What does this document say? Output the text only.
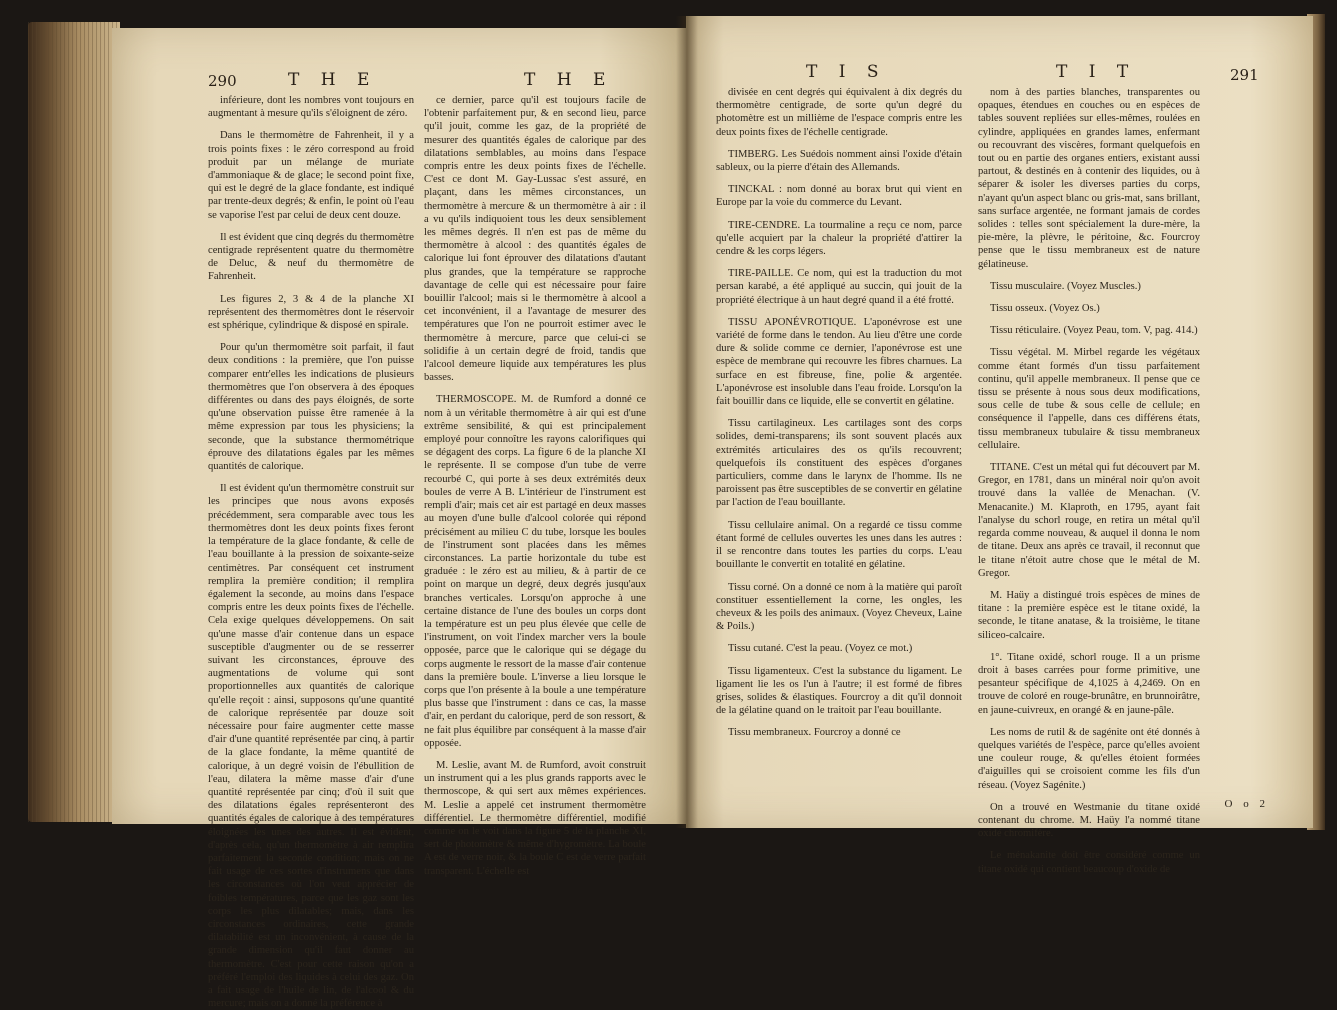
290	T H E	T H E

inférieure, dont les nombres vont toujours en augmentant à mesure qu'ils s'éloignent de zéro.

Dans le thermomètre de Fahrenheit, il y a trois points fixes : le zéro correspond au froid produit par un mélange de muriate d'ammoniaque & de glace; le second point fixe, qui est le degré de la glace fondante, est indiqué par trente-deux degrés; & enfin, le point où l'eau se vaporise l'est par celui de deux cent douze.

Il est évident que cinq degrés du thermomètre centigrade représentent quatre du thermomètre de Deluc, & neuf du thermomètre de Fahrenheit.

Les figures 2, 3 & 4 de la planche XI représentent des thermomètres dont le réservoir est sphérique, cylindrique & disposé en spirale.

Pour qu'un thermomètre soit parfait, il faut deux conditions : la première, que l'on puisse comparer entr'elles les indications de plusieurs thermomètres que l'on observera à des époques différentes ou dans des pays éloignés, de sorte qu'une observation puisse être ramenée à la même expression par tous les physiciens; la seconde, que la substance thermométrique éprouve des dilatations égales par les mêmes quantités de calorique.

Il est évident qu'un thermomètre construit sur les principes que nous avons exposés précédemment, sera comparable avec tous les thermomètres dont les deux points fixes feront la température de la glace fondante, & celle de l'eau bouillante à la pression de soixante-seize centimètres. Par conséquent cet instrument remplira la première condition; il remplira également la seconde, au moins dans l'espace compris entre les deux points fixes de l'échelle. Cela exige quelques développemens. On sait qu'une masse d'air contenue dans un espace susceptible d'augmenter ou de se resserrer suivant les circonstances, éprouve des augmentations de volume qui sont proportionnelles aux quantités de calorique qu'elle reçoit : ainsi, supposons qu'une quantité de calorique représentée par douze soit nécessaire pour faire augmenter cette masse d'air d'une quantité représentée par cinq, à partir de la glace fondante, la même quantité de calorique, à un degré voisin de l'ébullition de l'eau, dilatera la même masse d'air d'une quantité représentée par cinq; d'où il suit que des dilatations égales représenteront des quantités égales de calorique à des températures éloignées les unes des autres. Il est évident, d'après cela, qu'un thermomètre à air remplira parfaitement la seconde condition; mais on ne fait usage de ces sortes d'instrumens que dans les circonstances où l'on veut apprécier de foibles températures, parce que les gaz sont les corps les plus dilatables; mais, dans les circonstances ordinaires, cette grande dilatabilité est un inconvénient, à cause de la grande dimension qu'il faut donner au thermomètre. C'est pour cette raison qu'on a préféré l'emploi des liquides à celui des gaz. On a fait usage de l'huile de lin, de l'alcool & du mercure; mais on a donné la préférence à

ce dernier, parce qu'il est toujours facile de l'obtenir parfaitement pur, & en second lieu, parce qu'il jouit, comme les gaz, de la propriété de mesurer des quantités égales de calorique par des dilatations semblables, au moins dans l'espace compris entre les deux points fixes de l'échelle. C'est ce dont M. Gay-Lussac s'est assuré, en plaçant, dans les mêmes circonstances, un thermomètre à mercure & un thermomètre à air : il a vu qu'ils indiquoient tous les deux sensiblement les mêmes degrés. Il n'en est pas de même du thermomètre à alcool : des quantités égales de calorique lui font éprouver des dilatations d'autant plus grandes, que la température se rapproche davantage de celle qui est nécessaire pour faire bouillir l'alcool; mais si le thermomètre à alcool a cet inconvénient, il a l'avantage de mesurer des températures que l'on ne pourroit estimer avec le thermomètre à mercure, parce que celui-ci se solidifie à un certain degré de froid, tandis que l'alcool demeure liquide aux températures les plus basses.

THERMOSCOPE. M. de Rumford a donné ce nom à un véritable thermomètre à air qui est d'une extrême sensibilité, & qui est principalement employé pour connoître les rayons calorifiques qui se dégagent des corps. La figure 6 de la planche XI le représente. Il se compose d'un tube de verre recourbé C, qui porte à ses deux extrémités deux boules de verre A B. L'intérieur de l'instrument est rempli d'air; mais cet air est partagé en deux masses au moyen d'une bulle d'alcool colorée qui répond précisément au milieu C du tube, lorsque les boules de l'instrument sont placées dans les mêmes circonstances. La partie horizontale du tube est graduée : le zéro est au milieu, & à partir de ce point on marque un degré, deux degrés jusqu'aux branches verticales. Lorsqu'on approche à une certaine distance de l'une des boules un corps dont la température est un peu plus élevée que celle de l'instrument, on voit l'index marcher vers la boule opposée, parce que le calorique qui se dégage du corps augmente le ressort de la masse d'air contenue dans la première boule. L'inverse a lieu lorsque le corps que l'on présente à la boule a une température plus basse que l'instrument : dans ce cas, la masse d'air, en perdant du calorique, perd de son ressort, & ne fait plus équilibre par conséquent à la masse d'air opposée.

M. Leslie, avant M. de Rumford, avoit construit un instrument qui a les plus grands rapports avec le thermoscope, & qui sert aux mêmes expériences. M. Leslie a appelé cet instrument thermomètre différentiel. Le thermomètre différentiel, modifié comme on le voit dans la figure 5 de la planche XI, sert de photomètre & même d'hygromètre. La boule A est de verre noir, & la boule C est de verre parfait transparent. L'échelle est

T I S	T I T	291

divisée en cent degrés qui équivalent à dix degrés du thermomètre centigrade, de sorte qu'un degré du photomètre est un millième de l'espace compris entre les deux points fixes de l'échelle centigrade.

TIMBERG. Les Suédois nomment ainsi l'oxide d'étain sableux, ou la pierre d'étain des Allemands.

TINCKAL : nom donné au borax brut qui vient en Europe par la voie du commerce du Levant.

TIRE-CENDRE. La tourmaline a reçu ce nom, parce qu'elle acquiert par la chaleur la propriété d'attirer la cendre & les corps légers.

TIRE-PAILLE. Ce nom, qui est la traduction du mot persan karabé, a été appliqué au succin, qui jouit de la propriété électrique à un haut degré quand il a été frotté.

TISSU APONÉVROTIQUE. L'aponévrose est une variété de forme dans le tendon. Au lieu d'être une corde dure & solide comme ce dernier, l'aponévrose est une espèce de membrane qui recouvre les fibres charnues. La surface en est fibreuse, fine, polie & argentée. L'aponévrose est insoluble dans l'eau froide. Lorsqu'on la fait bouillir dans ce liquide, elle se convertit en gélatine.

Tissu cartilagineux. Les cartilages sont des corps solides, demi-transparens; ils sont souvent placés aux extrémités articulaires des os qu'ils recouvrent; quelquefois ils constituent des espèces d'organes particuliers, comme dans le larynx de l'homme. Ils ne paroissent pas être susceptibles de se convertir en gélatine par l'action de l'eau bouillante.

Tissu cellulaire animal. On a regardé ce tissu comme étant formé de cellules ouvertes les unes dans les autres : il se rencontre dans toutes les parties du corps. L'eau bouillante le convertit en totalité en gélatine.

Tissu corné. On a donné ce nom à la matière qui paroît constituer essentiellement la corne, les ongles, les cheveux & les poils des animaux. (Voyez Cheveux, Laine & Poils.)

Tissu cutané. C'est la peau. (Voyez ce mot.)

Tissu ligamenteux. C'est la substance du ligament. Le ligament lie les os l'un à l'autre; il est formé de fibres grises, solides & élastiques. Fourcroy a dit qu'il donnoit de la gélatine quand on le traitoit par l'eau bouillante.

Tissu membraneux. Fourcroy a donné ce

nom à des parties blanches, transparentes ou opaques, étendues en couches ou en espèces de tables souvent repliées sur elles-mêmes, roulées en cylindre, appliquées en grandes lames, enfermant ou recouvrant des viscères, formant quelquefois en tout ou en partie des organes entiers, existant aussi partout, & destinés en à contenir des liquides, ou à séparer & isoler les diverses parties du corps, n'ayant qu'un aspect blanc ou gris-mat, sans brillant, sans surface argentée, ne formant jamais de cordes solides : telles sont spécialement la dure-mère, la pie-mère, la plèvre, le péritoine, &c. Fourcroy pense que le tissu membraneux est de nature gélatineuse.

Tissu musculaire. (Voyez Muscles.)

Tissu osseux. (Voyez Os.)

Tissu réticulaire. (Voyez Peau, tom. V, pag. 414.)

Tissu végétal. M. Mirbel regarde les végétaux comme étant formés d'un tissu parfaitement continu, qu'il appelle membraneux. Il pense que ce tissu se présente à nous sous deux modifications, sous celle de tube & sous celle de cellule; en conséquence il l'appelle, dans ces différens états, tissu membraneux tubulaire & tissu membraneux cellulaire.

TITANE. C'est un métal qui fut découvert par M. Gregor, en 1781, dans un minéral noir qu'on avoit trouvé dans la vallée de Menachan. (V. Menacanite.) M. Klaproth, en 1795, ayant fait l'analyse du schorl rouge, en retira un métal qu'il regarda comme nouveau, & auquel il donna le nom de titane. Deux ans après ce travail, il reconnut que le titane n'étoit autre chose que le métal de M. Gregor.

M. Haüy a distingué trois espèces de mines de titane : la première espèce est le titane oxidé, la seconde, le titane anatase, & la troisième, le titane siliceo-calcaire.

1°. Titane oxidé, schorl rouge. Il a un prisme droit à bases carrées pour forme primitive, une pesanteur spécifique de 4,1025 à 4,2469. On en trouve de coloré en rouge-brunâtre, en brunnoirâtre, en jaune-cuivreux, en orangé & en jaune-pâle.

Les noms de rutil & de sagénite ont été donnés à quelques variétés de l'espèce, parce qu'elles avoient une couleur rouge, & qu'elles étoient formées d'aiguilles qui se croisoient comme les fils d'un réseau. (Voyez Sagénite.)

On a trouvé en Westmanie du titane oxidé contenant du chrome. M. Haüy l'a nommé titane oxidé chromifère.

Le ménakanite doit être considéré comme un titane oxidé qui contient beaucoup d'oxide de

O o 2
